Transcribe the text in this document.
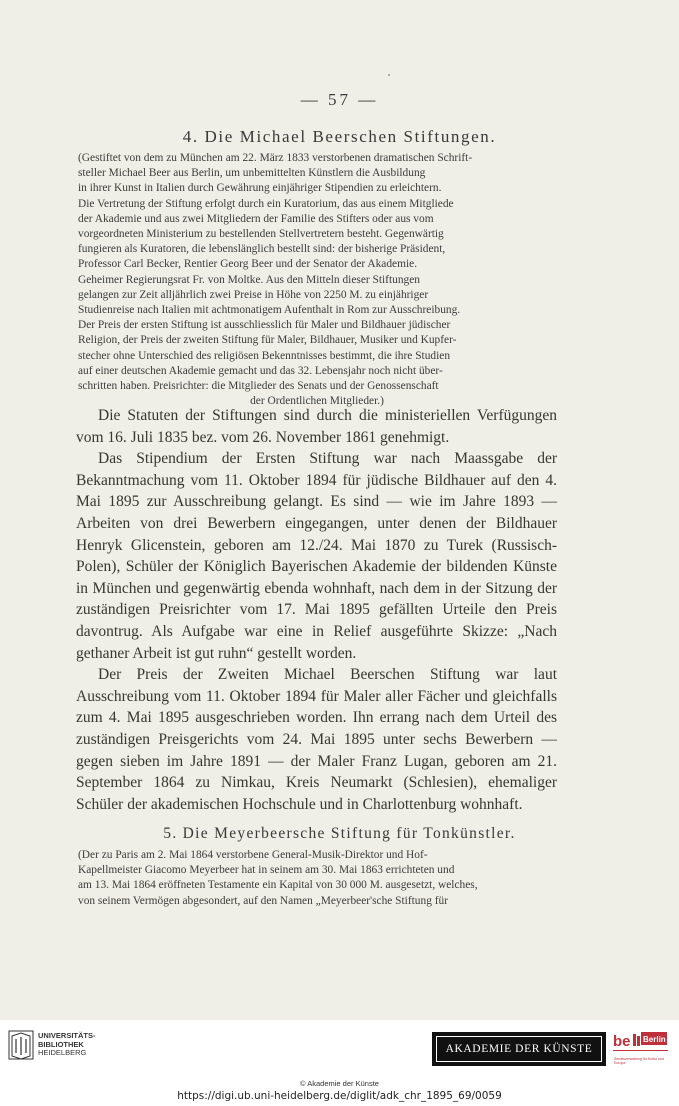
— 57 —
4. Die Michael Beerschen Stiftungen.

(Gestiftet von dem zu München am 22. März 1833 verstorbenen dramatischen Schrift-

steller Michael Beer aus Berlin, um unbemittelten Künstlern die Ausbildung

in ihrer Kunst in Italien durch Gewährung einjähriger Stipendien zu erleichtern.

Die Vertretung der Stiftung erfolgt durch ein Kuratorium, das aus einem Mitgliede

der Akademie und aus zwei Mitgliedern der Familie des Stifters oder aus vom

vorgeordneten Ministerium zu bestellenden Stellvertretern besteht. Gegenwärtig

fungieren als Kuratoren, die lebenslänglich bestellt sind: der bisherige Präsident,

Professor Carl Becker, Rentier Georg Beer und der Senator der Akademie.

Geheimer Regierungsrat Fr. von Moltke. Aus den Mitteln dieser Stiftungen

gelangen zur Zeit alljährlich zwei Preise in Höhe von 2250 M. zu einjähriger

Studienreise nach Italien mit achtmonatigem Aufenthalt in Rom zur Ausschreibung.

Der Preis der ersten Stiftung ist ausschliesslich für Maler und Bildhauer jüdischer

Religion, der Preis der zweiten Stiftung für Maler, Bildhauer, Musiker und Kupfer-

stecher ohne Unterschied des religiösen Bekenntnisses bestimmt, die ihre Studien

auf einer deutschen Akademie gemacht und das 32. Lebensjahr noch nicht über-

schritten haben. Preisrichter: die Mitglieder des Senats und der Genossenschaft

der Ordentlichen Mitglieder.)

Die Statuten der Stiftungen sind durch die ministeriellen Verfügungen vom 16. Juli 1835 bez. vom 26. November 1861 genehmigt.

Das Stipendium der Ersten Stiftung war nach Maassgabe der Bekanntmachung vom 11. Oktober 1894 für jüdische Bildhauer auf den 4. Mai 1895 zur Ausschreibung gelangt. Es sind — wie im Jahre 1893 — Arbeiten von drei Bewerbern eingegangen, unter denen der Bildhauer Henryk Glicenstein, geboren am 12./24. Mai 1870 zu Turek (Russisch-Polen), Schüler der Königlich Bayerischen Akademie der bildenden Künste in München und gegenwärtig ebenda wohnhaft, nach dem in der Sitzung der zuständigen Preisrichter vom 17. Mai 1895 gefällten Urteile den Preis davontrug. Als Aufgabe war eine in Relief ausgeführte Skizze: „Nach gethaner Arbeit ist gut ruhn“ gestellt worden.

Der Preis der Zweiten Michael Beerschen Stiftung war laut Ausschreibung vom 11. Oktober 1894 für Maler aller Fächer und gleichfalls zum 4. Mai 1895 ausgeschrieben worden. Ihn errang nach dem Urteil des zuständigen Preisgerichts vom 24. Mai 1895 unter sechs Bewerbern — gegen sieben im Jahre 1891 — der Maler Franz Lugan, geboren am 21. September 1864 zu Nimkau, Kreis Neumarkt (Schlesien), ehemaliger Schüler der akademischen Hochschule und in Charlottenburg wohnhaft.

5. Die Meyerbeersche Stiftung für Tonkünstler.

(Der zu Paris am 2. Mai 1864 verstorbene General-Musik-Direktor und Hof-

Kapellmeister Giacomo Meyerbeer hat in seinem am 30. Mai 1863 errichteten und

am 13. Mai 1864 eröffneten Testamente ein Kapital von 30 000 M. ausgesetzt, welches,

von seinem Vermögen abgesondert, auf den Namen „Meyerbeer'sche Stiftung für

UNIVERSITÄTS-
BIBLIOTHEK
HEIDELBERG	AKADEMIE DER KÜNSTE	be Berlin
Senatsverwaltung für Kultur und Europa
© Akademie der Künste
https://digi.ub.uni-heidelberg.de/diglit/adk_chr_1895_69/0059
